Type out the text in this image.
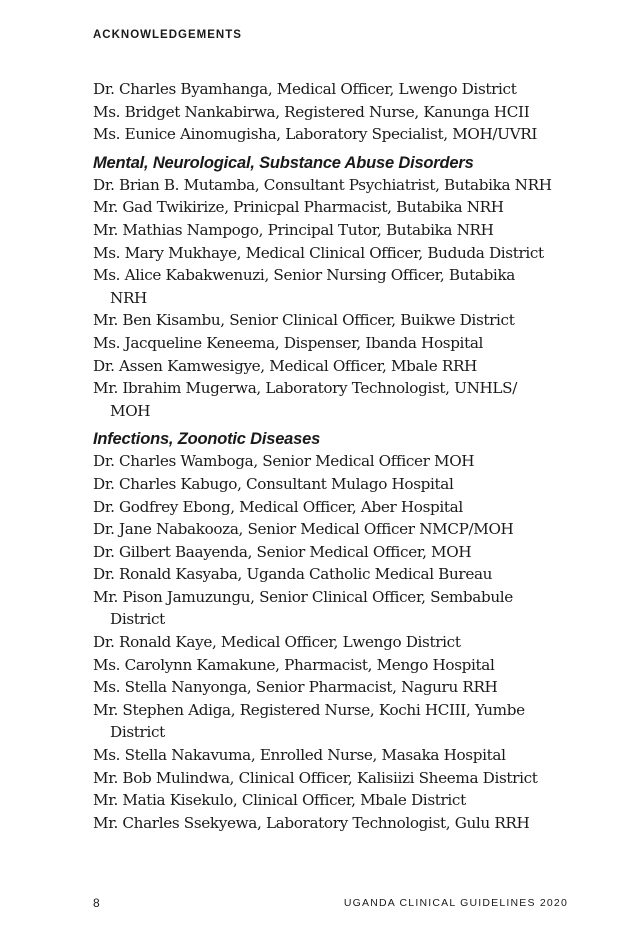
ACKNOWLEDGEMENTS
Dr. Charles Byamhanga, Medical Officer, Lwengo District
Ms. Bridget Nankabirwa, Registered Nurse, Kanunga HCII
Ms. Eunice Ainomugisha, Laboratory Specialist, MOH/UVRI
Mental, Neurological, Substance Abuse Disorders
Dr. Brian B. Mutamba, Consultant Psychiatrist, Butabika NRH
Mr. Gad Twikirize, Prinicpal Pharmacist, Butabika NRH
Mr. Mathias Nampogo, Principal Tutor, Butabika NRH
Ms. Mary Mukhaye, Medical Clinical Officer, Bududa District
Ms. Alice Kabakwenuzi, Senior Nursing Officer, Butabika
NRH
Mr. Ben Kisambu, Senior Clinical Officer, Buikwe District
Ms. Jacqueline Keneema, Dispenser, Ibanda Hospital
Dr. Assen Kamwesigye, Medical Officer, Mbale RRH
Mr. Ibrahim Mugerwa, Laboratory Technologist, UNHLS/
MOH
Infections, Zoonotic Diseases
Dr. Charles Wamboga, Senior Medical Officer MOH
Dr. Charles Kabugo, Consultant Mulago Hospital
Dr. Godfrey Ebong, Medical Officer, Aber Hospital
Dr. Jane Nabakooza, Senior Medical Officer NMCP/MOH
Dr. Gilbert Baayenda, Senior Medical Officer, MOH
Dr. Ronald Kasyaba, Uganda Catholic Medical Bureau
Mr. Pison Jamuzungu, Senior Clinical Officer, Sembabule
District
Dr. Ronald Kaye, Medical Officer, Lwengo District
Ms. Carolynn Kamakune, Pharmacist, Mengo Hospital
Ms. Stella Nanyonga, Senior Pharmacist, Naguru RRH
Mr. Stephen Adiga, Registered Nurse, Kochi HCIII, Yumbe
District
Ms. Stella Nakavuma, Enrolled Nurse, Masaka Hospital
Mr. Bob Mulindwa, Clinical Officer, Kalisiizi Sheema District
Mr. Matia Kisekulo, Clinical Officer, Mbale District
Mr. Charles Ssekyewa, Laboratory Technologist, Gulu RRH
8	UGANDA CLINICAL GUIDELINES 2020
